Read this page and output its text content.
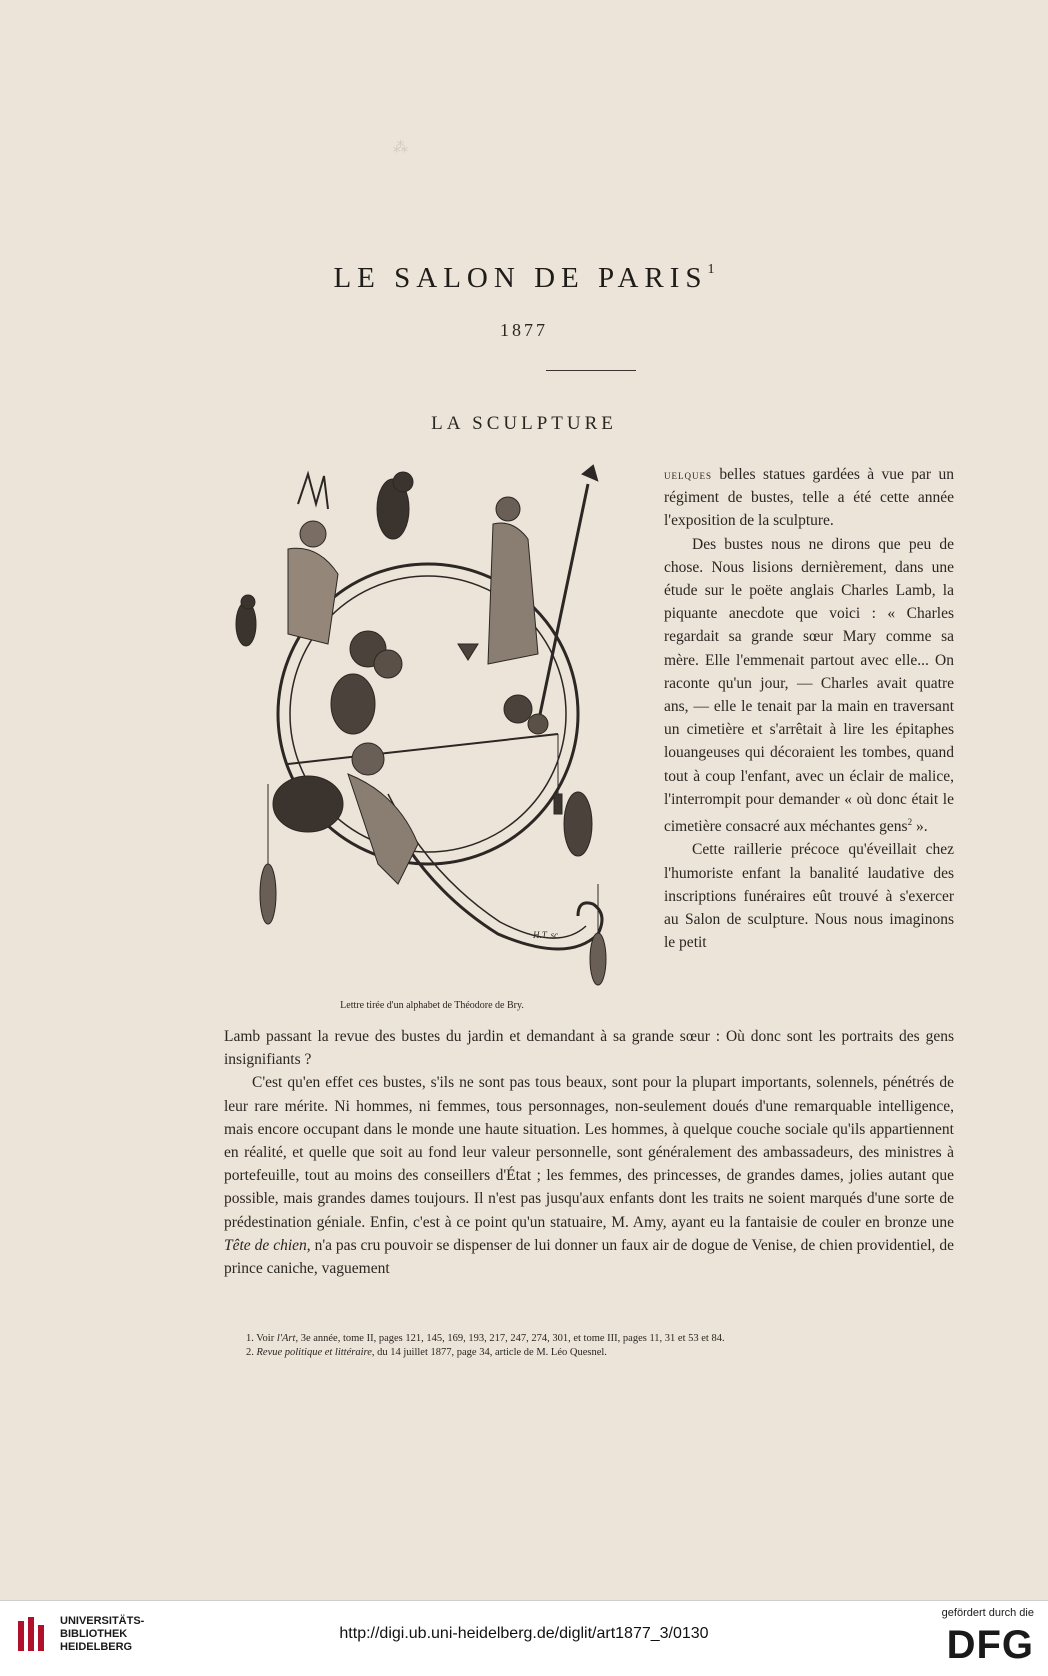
⁂
LE SALON DE PARIS$^1$
1877
LA SCULPTURE
H.T. sc.
Lettre tirée d'un alphabet de Théodore de Bry.

uelques belles statues gardées à vue par un régiment de bustes, telle a été cette année l'exposition de la sculpture.

Des bustes nous ne dirons que peu de chose. Nous lisions dernièrement, dans une étude sur le poëte anglais Charles Lamb, la piquante anecdote que voici : « Charles regardait sa grande sœur Mary comme sa mère. Elle l'emmenait partout avec elle... On raconte qu'un jour, — Charles avait quatre ans, — elle le tenait par la main en traversant un cimetière et s'arrêtait à lire les épitaphes louangeuses qui décoraient les tombes, quand tout à coup l'enfant, avec un éclair de malice, l'interrompit pour demander « où donc était le cimetière consacré aux méchantes gens$^2$ ».

Cette raillerie précoce qu'éveillait chez l'humoriste enfant la banalité laudative des inscriptions funéraires eût trouvé à s'exercer au Salon de sculpture. Nous nous imaginons le petit

Lamb passant la revue des bustes du jardin et demandant à sa grande sœur : Où donc sont les portraits des gens insignifiants ?

C'est qu'en effet ces bustes, s'ils ne sont pas tous beaux, sont pour la plupart importants, solennels, pénétrés de leur rare mérite. Ni hommes, ni femmes, tous personnages, non-seulement doués d'une remarquable intelligence, mais encore occupant dans le monde une haute situation. Les hommes, à quelque couche sociale qu'ils appartiennent en réalité, et quelle que soit au fond leur valeur personnelle, sont généralement des ambassadeurs, des ministres à portefeuille, tout au moins des conseillers d'État ; les femmes, des princesses, de grandes dames, jolies autant que possible, mais grandes dames toujours. Il n'est pas jusqu'aux enfants dont les traits ne soient marqués d'une sorte de prédestination géniale. Enfin, c'est à ce point qu'un statuaire, M. Amy, ayant eu la fantaisie de couler en bronze une Tête de chien, n'a pas cru pouvoir se dispenser de lui donner un faux air de dogue de Venise, de chien providentiel, de prince caniche, vaguement

1. Voir l'Art, 3e année, tome II, pages 121, 145, 169, 193, 217, 247, 274, 301, et tome III, pages 11, 31 et 53 et 84.
2. Revue politique et littéraire, du 14 juillet 1877, page 34, article de M. Léo Quesnel.
UNIVERSITÄTS-
BIBLIOTHEK
HEIDELBERG
http://digi.ub.uni-heidelberg.de/diglit/art1877_3/0130
gefördert durch die
DFG
